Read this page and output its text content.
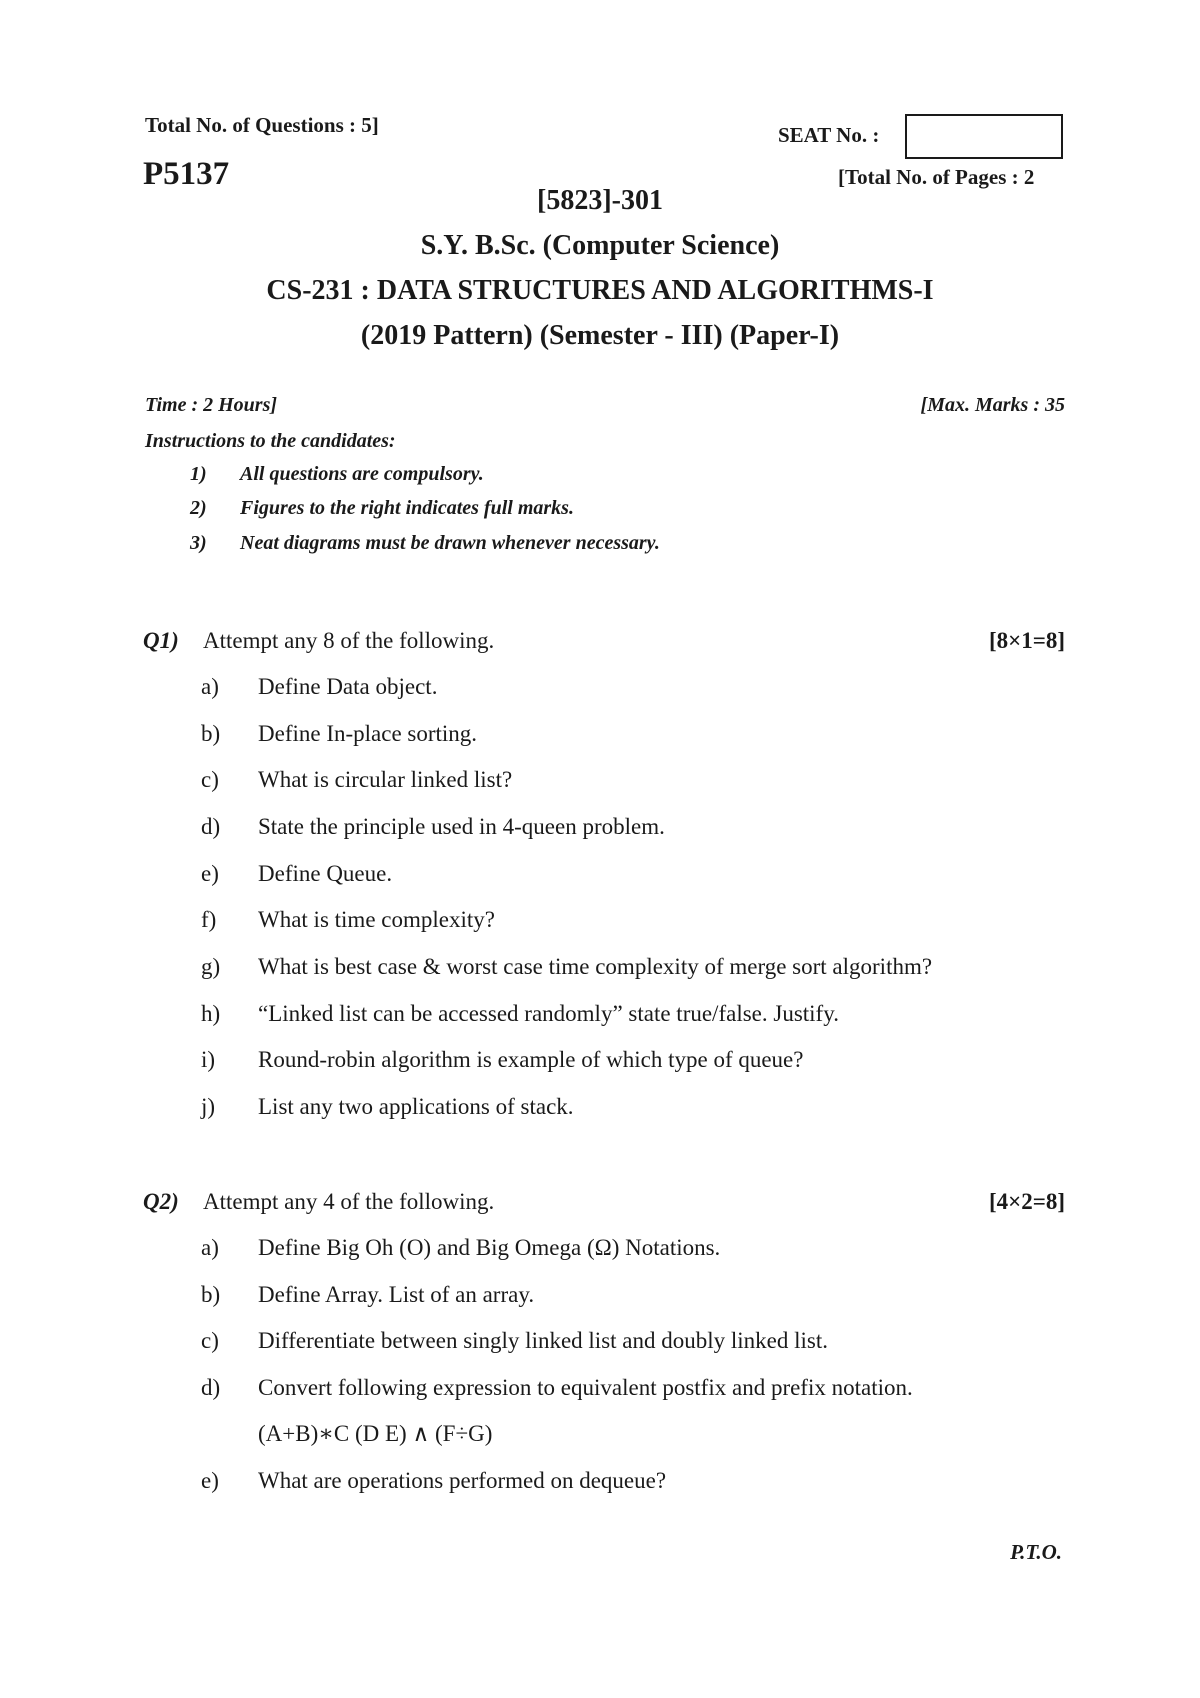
Total No. of Questions : 5]	SEAT No. :
P5137	[Total No. of Pages : 2
[5823]-301
S.Y. B.Sc. (Computer Science)
CS-231 : DATA STRUCTURES AND ALGORITHMS-I
(2019 Pattern) (Semester - III) (Paper-I)
Time : 2 Hours]	[Max. Marks : 35
Instructions to the candidates:
1) All questions are compulsory.
2) Figures to the right indicates full marks.
3) Neat diagrams must be drawn whenever necessary.
Q1) Attempt any 8 of the following.	[8×1=8]
a) Define Data object.
b) Define In-place sorting.
c) What is circular linked list?
d) State the principle used in 4-queen problem.
e) Define Queue.
f) What is time complexity?
g) What is best case & worst case time complexity of merge sort algorithm?
h) “Linked list can be accessed randomly” state true/false. Justify.
i) Round-robin algorithm is example of which type of queue?
j) List any two applications of stack.
Q2) Attempt any 4 of the following.	[4×2=8]
a) Define Big Oh (O) and Big Omega (Ω) Notations.
b) Define Array. List of an array.
c) Differentiate between singly linked list and doubly linked list.
d) Convert following expression to equivalent postfix and prefix notation.
(A+B)∗C (D E) ∧ (F÷G)
e) What are operations performed on dequeue?
P.T.O.
